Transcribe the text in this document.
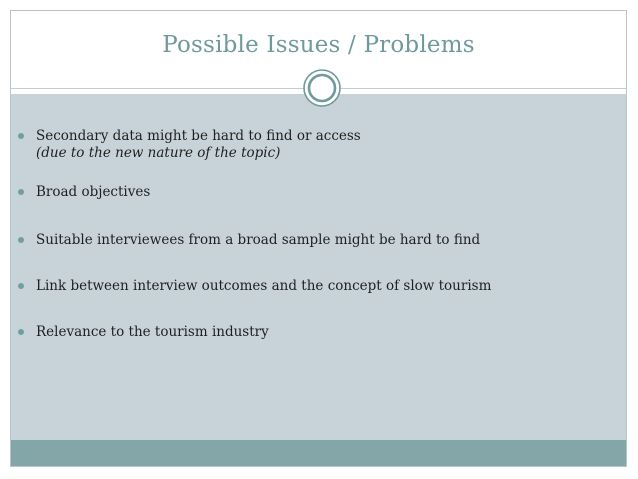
Possible Issues / Problems
Secondary data might be hard to find or access
(due to the new nature of the topic)
Broad objectives
Suitable interviewees from a broad sample might be hard to find
Link between interview outcomes and the concept of slow tourism
Relevance to the tourism industry
